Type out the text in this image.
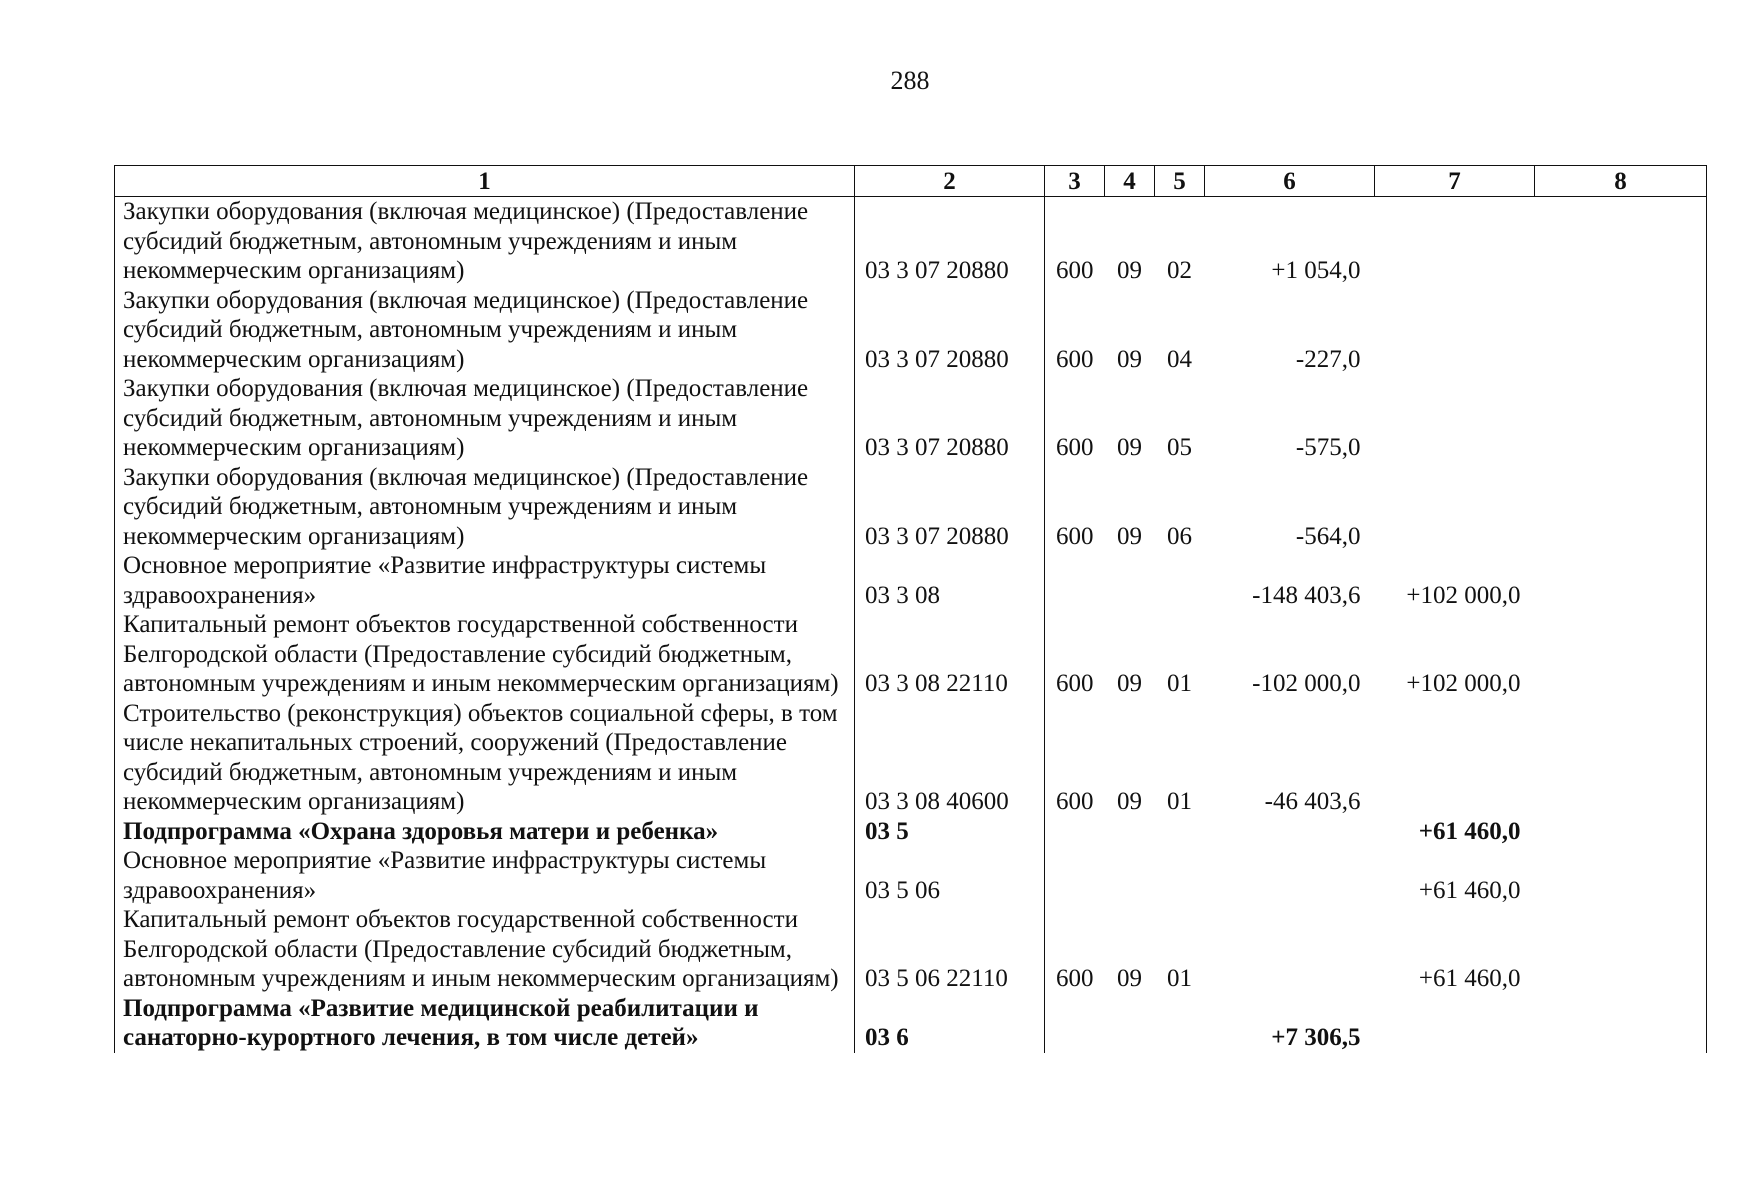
288
1	2	3	4	5	6	7	8
Закупки оборудования (включая медицинское) (Предоставление субсидий бюджетным, автономным учреждениям и иным некоммерческим организациям)	03 3 07 20880	600	09	02	+1 054,0		
Закупки оборудования (включая медицинское) (Предоставление субсидий бюджетным, автономным учреждениям и иным некоммерческим организациям)	03 3 07 20880	600	09	04	-227,0		
Закупки оборудования (включая медицинское) (Предоставление субсидий бюджетным, автономным учреждениям и иным некоммерческим организациям)	03 3 07 20880	600	09	05	-575,0		
Закупки оборудования (включая медицинское) (Предоставление субсидий бюджетным, автономным учреждениям и иным некоммерческим организациям)	03 3 07 20880	600	09	06	-564,0		
Основное мероприятие «Развитие инфраструктуры системы здравоохранения»	03 3 08				-148 403,6	+102 000,0	
Капитальный ремонт объектов государственной собственности Белгородской области (Предоставление субсидий бюджетным, автономным учреждениям и иным некоммерческим организациям)	03 3 08 22110	600	09	01	-102 000,0	+102 000,0	
Строительство (реконструкция) объектов социальной сферы, в том числе некапитальных строений, сооружений (Предоставление субсидий бюджетным, автономным учреждениям и иным некоммерческим организациям)	03 3 08 40600	600	09	01	-46 403,6		
Подпрограмма «Охрана здоровья матери и ребенка»	03 5					+61 460,0	
Основное мероприятие «Развитие инфраструктуры системы здравоохранения»	03 5 06					+61 460,0	
Капитальный ремонт объектов государственной собственности Белгородской области (Предоставление субсидий бюджетным, автономным учреждениям и иным некоммерческим организациям)	03 5 06 22110	600	09	01		+61 460,0	
Подпрограмма «Развитие медицинской реабилитации и санаторно-курортного лечения, в том числе детей»	03 6				+7 306,5		
